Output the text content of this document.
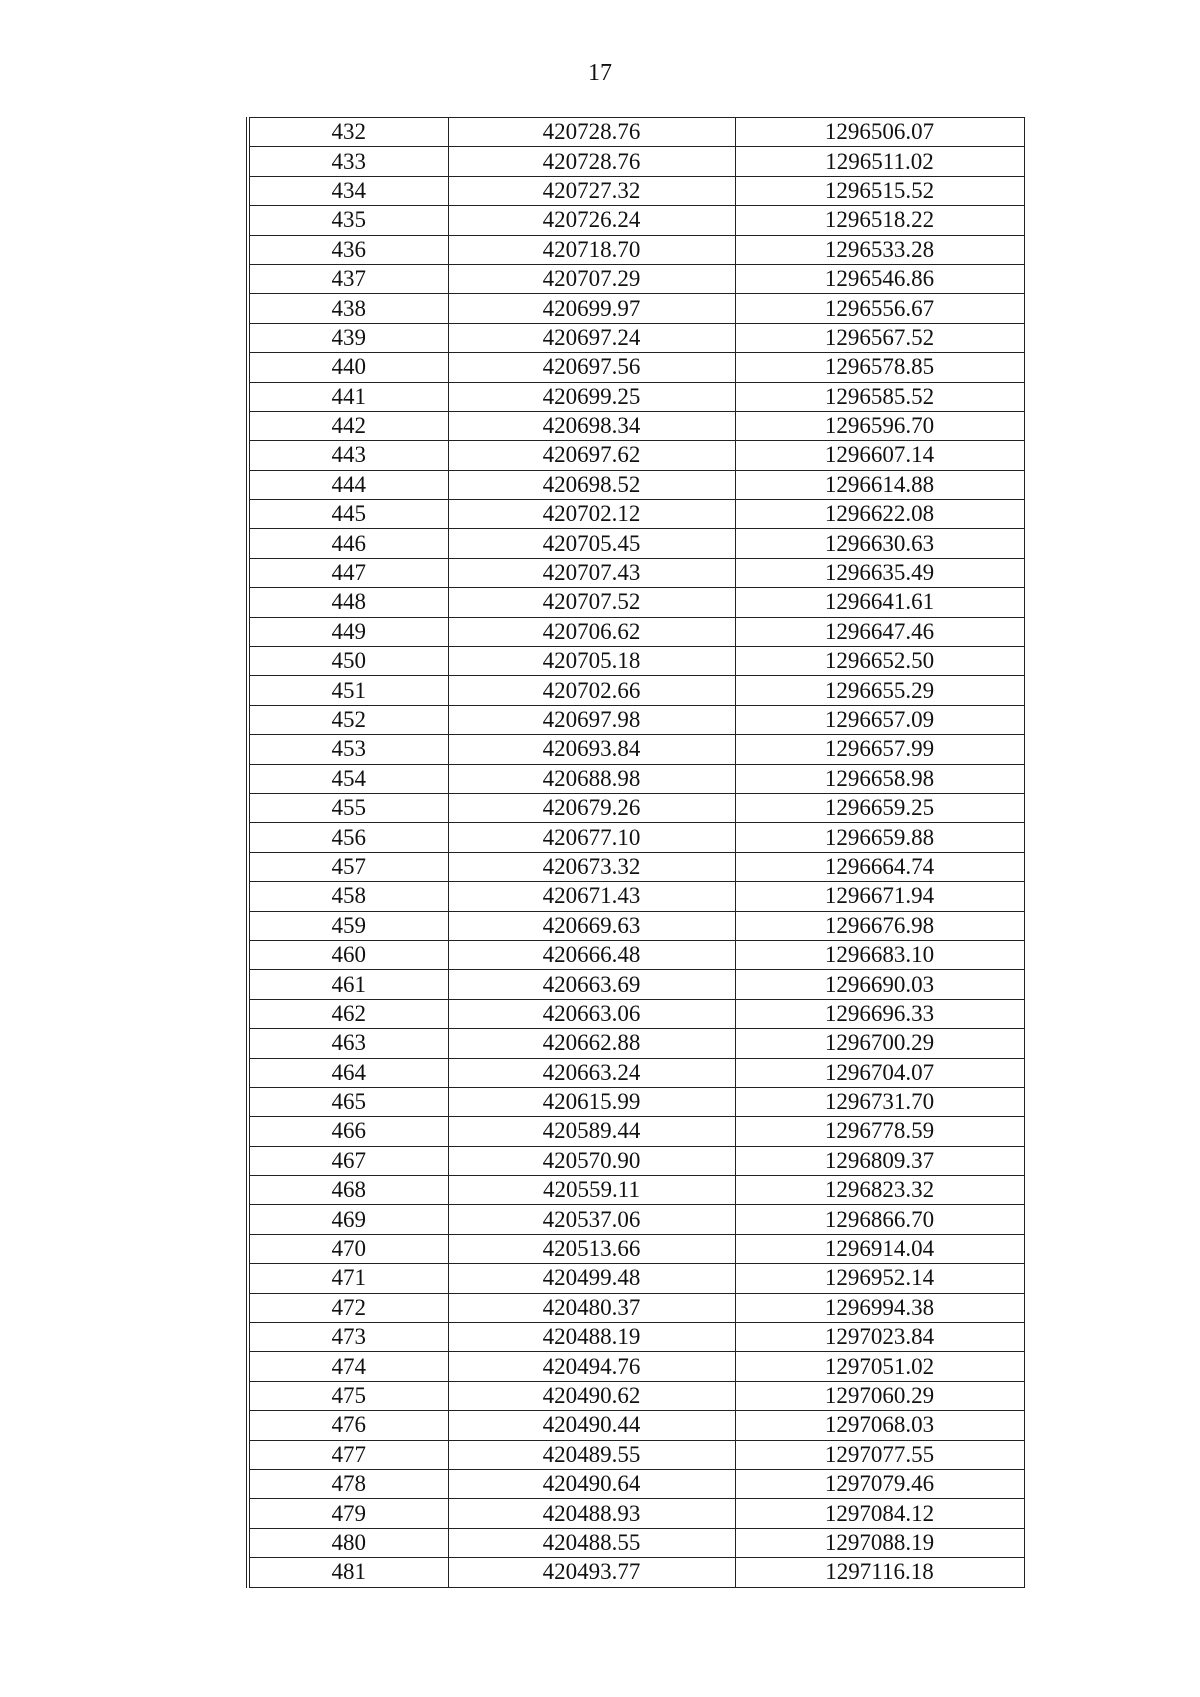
17
432	420728.76	1296506.07
433	420728.76	1296511.02
434	420727.32	1296515.52
435	420726.24	1296518.22
436	420718.70	1296533.28
437	420707.29	1296546.86
438	420699.97	1296556.67
439	420697.24	1296567.52
440	420697.56	1296578.85
441	420699.25	1296585.52
442	420698.34	1296596.70
443	420697.62	1296607.14
444	420698.52	1296614.88
445	420702.12	1296622.08
446	420705.45	1296630.63
447	420707.43	1296635.49
448	420707.52	1296641.61
449	420706.62	1296647.46
450	420705.18	1296652.50
451	420702.66	1296655.29
452	420697.98	1296657.09
453	420693.84	1296657.99
454	420688.98	1296658.98
455	420679.26	1296659.25
456	420677.10	1296659.88
457	420673.32	1296664.74
458	420671.43	1296671.94
459	420669.63	1296676.98
460	420666.48	1296683.10
461	420663.69	1296690.03
462	420663.06	1296696.33
463	420662.88	1296700.29
464	420663.24	1296704.07
465	420615.99	1296731.70
466	420589.44	1296778.59
467	420570.90	1296809.37
468	420559.11	1296823.32
469	420537.06	1296866.70
470	420513.66	1296914.04
471	420499.48	1296952.14
472	420480.37	1296994.38
473	420488.19	1297023.84
474	420494.76	1297051.02
475	420490.62	1297060.29
476	420490.44	1297068.03
477	420489.55	1297077.55
478	420490.64	1297079.46
479	420488.93	1297084.12
480	420488.55	1297088.19
481	420493.77	1297116.18
